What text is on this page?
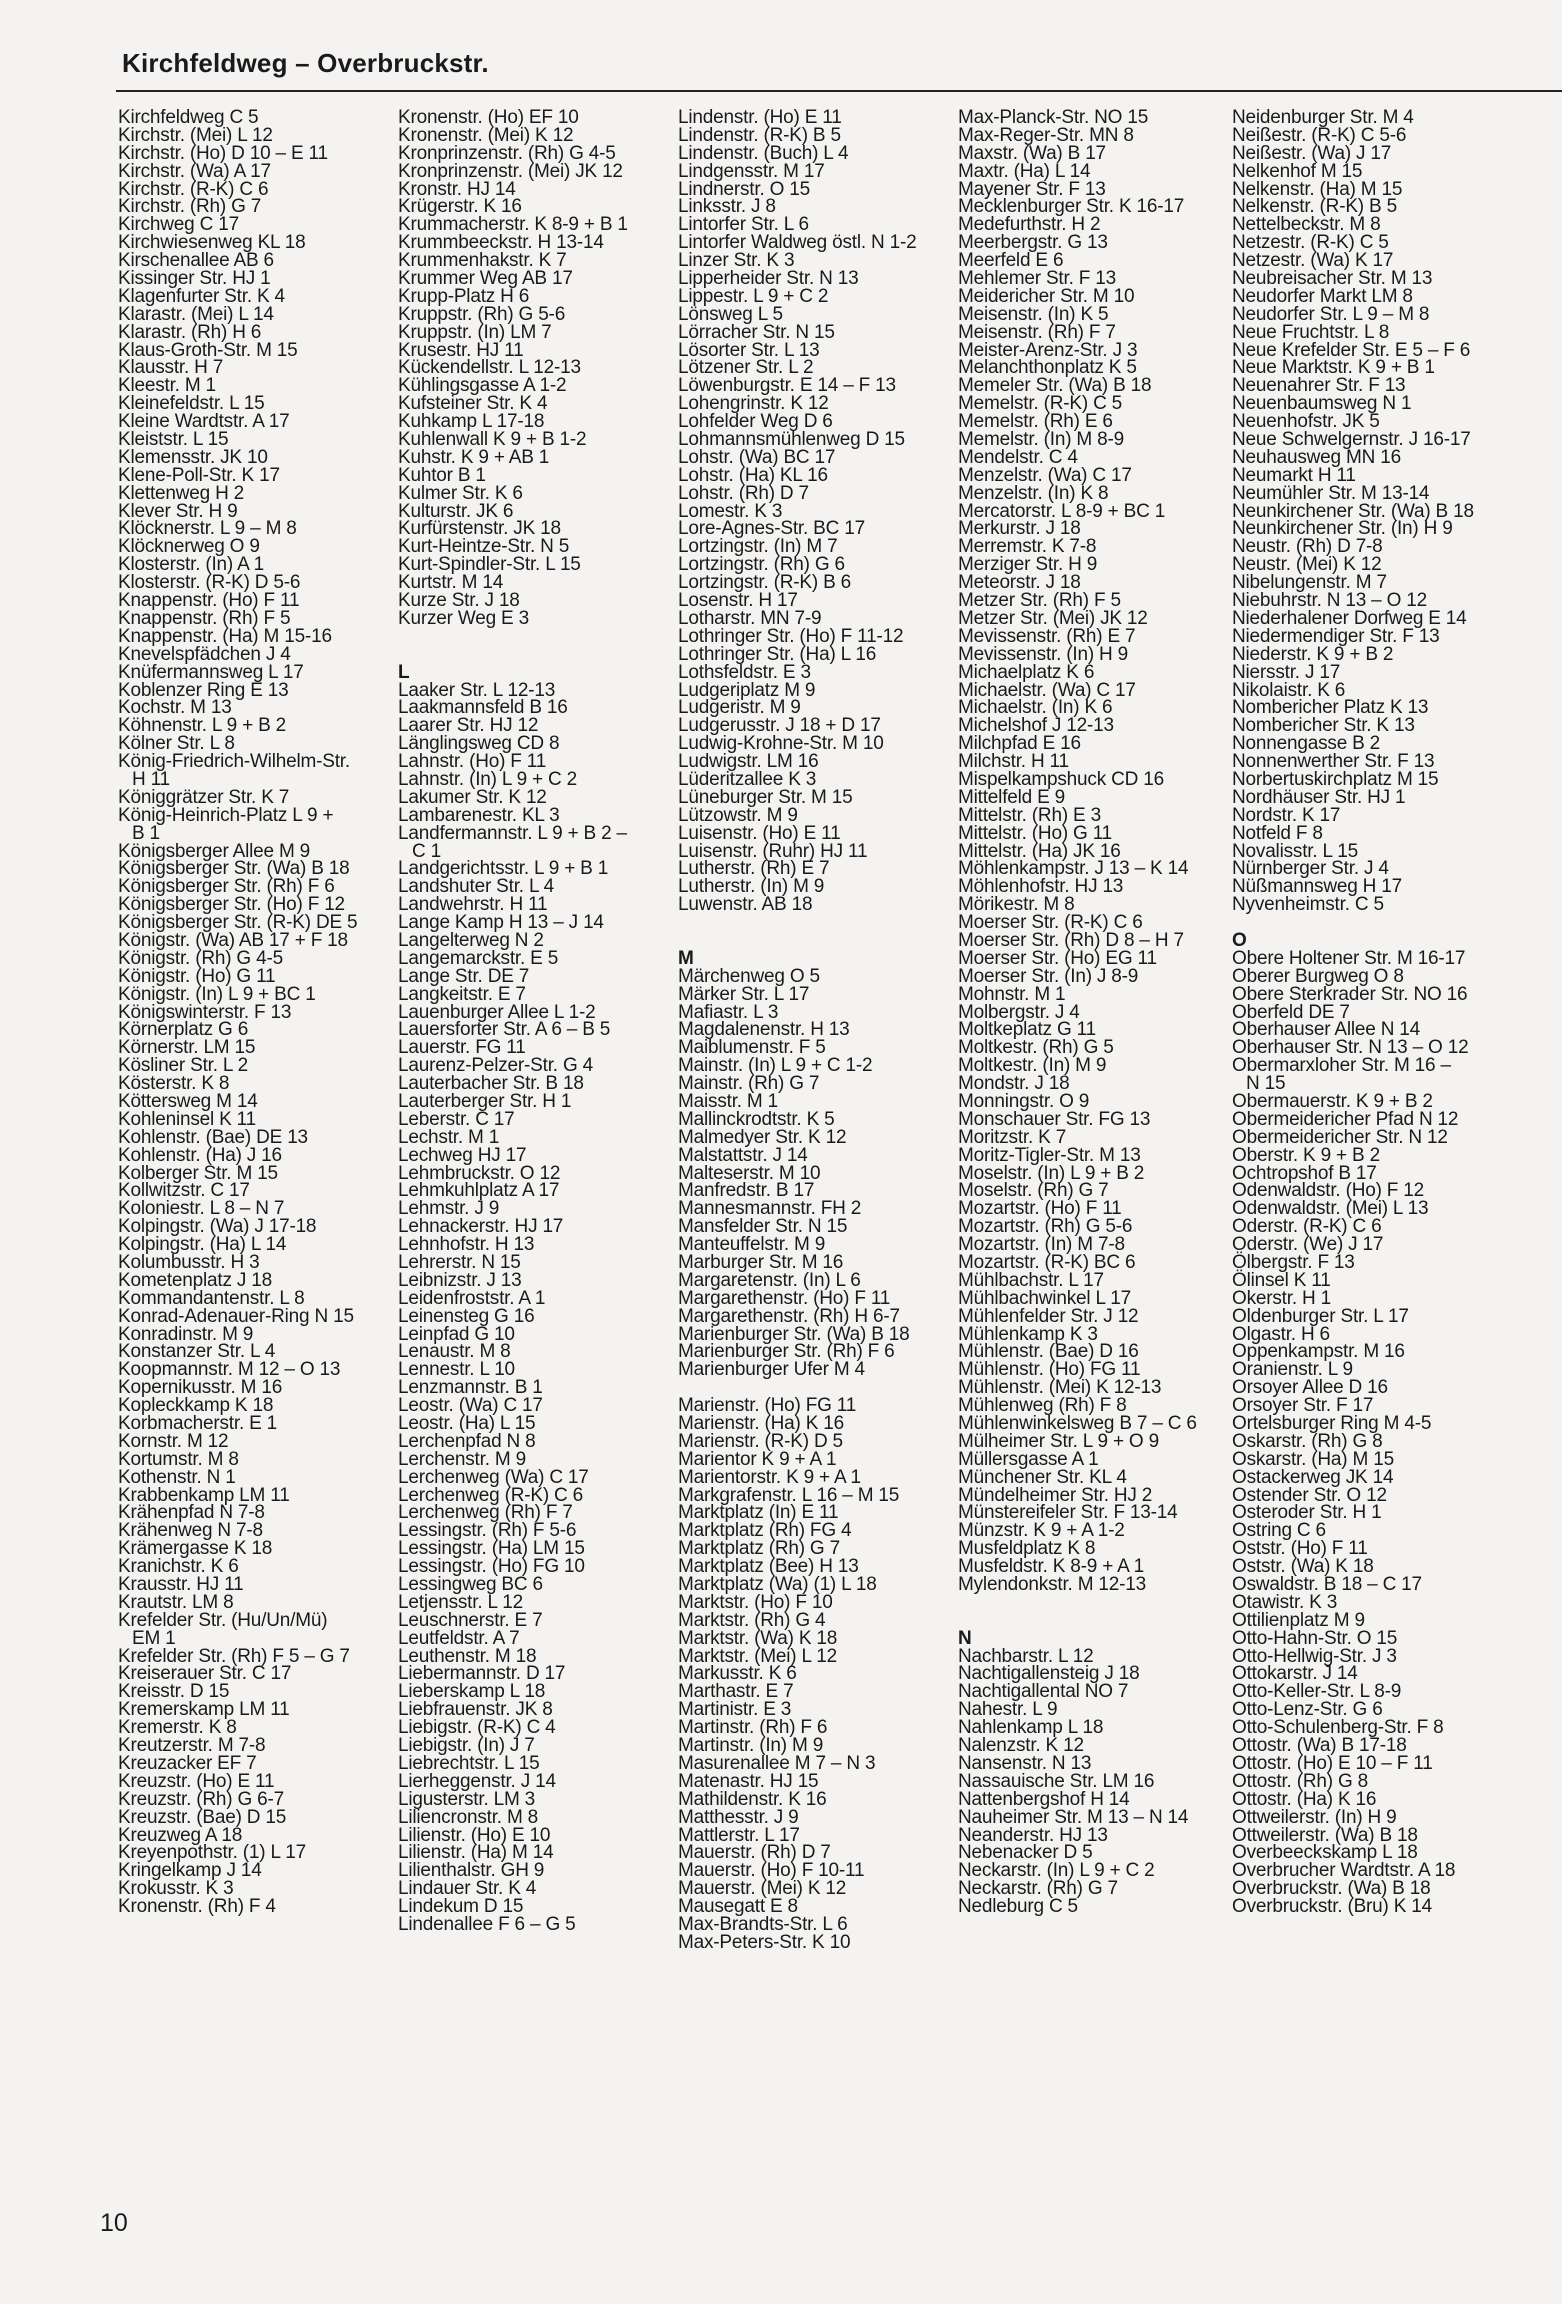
Kirchfeldweg – Overbruckstr.
Kirchfeldweg C 5
Kirchstr. (Mei) L 12
Kirchstr. (Ho) D 10 – E 11
Kirchstr. (Wa) A 17
Kirchstr. (R-K) C 6
Kirchstr. (Rh) G 7
Kirchweg C 17
Kirchwiesenweg KL 18
Kirschenallee AB 6
Kissinger Str. HJ 1
Klagenfurter Str. K 4
Klarastr. (Mei) L 14
Klarastr. (Rh) H 6
Klaus-Groth-Str. M 15
Klausstr. H 7
Kleestr. M 1
Kleinefeldstr. L 15
Kleine Wardtstr. A 17
Kleiststr. L 15
Klemensstr. JK 10
Klene-Poll-Str. K 17
Klettenweg H 2
Klever Str. H 9
Klöcknerstr. L 9 – M 8
Klöcknerweg O 9
Klosterstr. (In) A 1
Klosterstr. (R-K) D 5-6
Knappenstr. (Ho) F 11
Knappenstr. (Rh) F 5
Knappenstr. (Ha) M 15-16
Knevelspfädchen J 4
Knüfermannsweg L 17
Koblenzer Ring E 13
Kochstr. M 13
Köhnenstr. L 9 + B 2
Kölner Str. L 8
König-Friedrich-Wilhelm-Str.
H 11
Königgrätzer Str. K 7
König-Heinrich-Platz L 9 +
B 1
Königsberger Allee M 9
Königsberger Str. (Wa) B 18
Königsberger Str. (Rh) F 6
Königsberger Str. (Ho) F 12
Königsberger Str. (R-K) DE 5
Königstr. (Wa) AB 17 + F 18
Königstr. (Rh) G 4-5
Königstr. (Ho) G 11
Königstr. (In) L 9 + BC 1
Königswinterstr. F 13
Körnerplatz G 6
Körnerstr. LM 15
Kösliner Str. L 2
Kösterstr. K 8
Köttersweg M 14
Kohleninsel K 11
Kohlenstr. (Bae) DE 13
Kohlenstr. (Ha) J 16
Kolberger Str. M 15
Kollwitzstr. C 17
Koloniestr. L 8 – N 7
Kolpingstr. (Wa) J 17-18
Kolpingstr. (Ha) L 14
Kolumbusstr. H 3
Kometenplatz J 18
Kommandantenstr. L 8
Konrad-Adenauer-Ring N 15
Konradinstr. M 9
Konstanzer Str. L 4
Koopmannstr. M 12 – O 13
Kopernikusstr. M 16
Kopleckkamp K 18
Korbmacherstr. E 1
Kornstr. M 12
Kortumstr. M 8
Kothenstr. N 1
Krabbenkamp LM 11
Krähenpfad N 7-8
Krähenweg N 7-8
Krämergasse K 18
Kranichstr. K 6
Krausstr. HJ 11
Krautstr. LM 8
Krefelder Str. (Hu/Un/Mü)
EM 1
Krefelder Str. (Rh) F 5 – G 7
Kreiserauer Str. C 17
Kreisstr. D 15
Kremerskamp LM 11
Kremerstr. K 8
Kreutzerstr. M 7-8
Kreuzacker EF 7
Kreuzstr. (Ho) E 11
Kreuzstr. (Rh) G 6-7
Kreuzstr. (Bae) D 15
Kreuzweg A 18
Kreyenpothstr. (1) L 17
Kringelkamp J 14
Krokusstr. K 3
Kronenstr. (Rh) F 4
Kronenstr. (Ho) EF 10
Kronenstr. (Mei) K 12
Kronprinzenstr. (Rh) G 4-5
Kronprinzenstr. (Mei) JK 12
Kronstr. HJ 14
Krügerstr. K 16
Krummacherstr. K 8-9 + B 1
Krummbeeckstr. H 13-14
Krummenhakstr. K 7
Krummer Weg AB 17
Krupp-Platz H 6
Kruppstr. (Rh) G 5-6
Kruppstr. (In) LM 7
Krusestr. HJ 11
Kückendellstr. L 12-13
Kühlingsgasse A 1-2
Kufsteiner Str. K 4
Kuhkamp L 17-18
Kuhlenwall K 9 + B 1-2
Kuhstr. K 9 + AB 1
Kuhtor B 1
Kulmer Str. K 6
Kulturstr. JK 6
Kurfürstenstr. JK 18
Kurt-Heintze-Str. N 5
Kurt-Spindler-Str. L 15
Kurtstr. M 14
Kurze Str. J 18
Kurzer Weg E 3
L
Laaker Str. L 12-13
Laakmannsfeld B 16
Laarer Str. HJ 12
Länglingsweg CD 8
Lahnstr. (Ho) F 11
Lahnstr. (In) L 9 + C 2
Lakumer Str. K 12
Lambarenestr. KL 3
Landfermannstr. L 9 + B 2 –
C 1
Landgerichtsstr. L 9 + B 1
Landshuter Str. L 4
Landwehrstr. H 11
Lange Kamp H 13 – J 14
Langelterweg N 2
Langemarckstr. E 5
Lange Str. DE 7
Langkeitstr. E 7
Lauenburger Allee L 1-2
Lauersforter Str. A 6 – B 5
Lauerstr. FG 11
Laurenz-Pelzer-Str. G 4
Lauterbacher Str. B 18
Lauterberger Str. H 1
Leberstr. C 17
Lechstr. M 1
Lechweg HJ 17
Lehmbruckstr. O 12
Lehmkuhlplatz A 17
Lehmstr. J 9
Lehnackerstr. HJ 17
Lehnhofstr. H 13
Lehrerstr. N 15
Leibnizstr. J 13
Leidenfroststr. A 1
Leinensteg G 16
Leinpfad G 10
Lenaustr. M 8
Lennestr. L 10
Lenzmannstr. B 1
Leostr. (Wa) C 17
Leostr. (Ha) L 15
Lerchenpfad N 8
Lerchenstr. M 9
Lerchenweg (Wa) C 17
Lerchenweg (R-K) C 6
Lerchenweg (Rh) F 7
Lessingstr. (Rh) F 5-6
Lessingstr. (Ha) LM 15
Lessingstr. (Ho) FG 10
Lessingweg BC 6
Letjensstr. L 12
Leuschnerstr. E 7
Leutfeldstr. A 7
Leuthenstr. M 18
Liebermannstr. D 17
Lieberskamp L 18
Liebfrauenstr. JK 8
Liebigstr. (R-K) C 4
Liebigstr. (In) J 7
Liebrechtstr. L 15
Lierheggenstr. J 14
Ligusterstr. LM 3
Liliencronstr. M 8
Lilienstr. (Ho) E 10
Lilienstr. (Ha) M 14
Lilienthalstr. GH 9
Lindauer Str. K 4
Lindekum D 15
Lindenallee F 6 – G 5
Lindenstr. (Ho) E 11
Lindenstr. (R-K) B 5
Lindenstr. (Buch) L 4
Lindgensstr. M 17
Lindnerstr. O 15
Linksstr. J 8
Lintorfer Str. L 6
Lintorfer Waldweg östl. N 1-2
Linzer Str. K 3
Lipperheider Str. N 13
Lippestr. L 9 + C 2
Lönsweg L 5
Lörracher Str. N 15
Lösorter Str. L 13
Lötzener Str. L 2
Löwenburgstr. E 14 – F 13
Lohengrinstr. K 12
Lohfelder Weg D 6
Lohmannsmühlenweg D 15
Lohstr. (Wa) BC 17
Lohstr. (Ha) KL 16
Lohstr. (Rh) D 7
Lomestr. K 3
Lore-Agnes-Str. BC 17
Lortzingstr. (In) M 7
Lortzingstr. (Rh) G 6
Lortzingstr. (R-K) B 6
Losenstr. H 17
Lotharstr. MN 7-9
Lothringer Str. (Ho) F 11-12
Lothringer Str. (Ha) L 16
Lothsfeldstr. E 3
Ludgeriplatz M 9
Ludgeristr. M 9
Ludgerusstr. J 18 + D 17
Ludwig-Krohne-Str. M 10
Ludwigstr. LM 16
Lüderitzallee K 3
Lüneburger Str. M 15
Lützowstr. M 9
Luisenstr. (Ho) E 11
Luisenstr. (Ruhr) HJ 11
Lutherstr. (Rh) E 7
Lutherstr. (In) M 9
Luwenstr. AB 18
M
Märchenweg O 5
Märker Str. L 17
Mafiastr. L 3
Magdalenenstr. H 13
Maiblumenstr. F 5
Mainstr. (In) L 9 + C 1-2
Mainstr. (Rh) G 7
Maisstr. M 1
Mallinckrodtstr. K 5
Malmedyer Str. K 12
Malstattstr. J 14
Malteserstr. M 10
Manfredstr. B 17
Mannesmannstr. FH 2
Mansfelder Str. N 15
Manteuffelstr. M 9
Marburger Str. M 16
Margaretenstr. (In) L 6
Margarethenstr. (Ho) F 11
Margarethenstr. (Rh) H 6-7
Marienburger Str. (Wa) B 18
Marienburger Str. (Rh) F 6
Marienburger Ufer M 4
Marienstr. (Ho) FG 11
Marienstr. (Ha) K 16
Marienstr. (R-K) D 5
Marientor K 9 + A 1
Marientorstr. K 9 + A 1
Markgrafenstr. L 16 – M 15
Marktplatz (In) E 11
Marktplatz (Rh) FG 4
Marktplatz (Rh) G 7
Marktplatz (Bee) H 13
Marktplatz (Wa) (1) L 18
Marktstr. (Ho) F 10
Marktstr. (Rh) G 4
Marktstr. (Wa) K 18
Marktstr. (Mei) L 12
Markusstr. K 6
Marthastr. E 7
Martinistr. E 3
Martinstr. (Rh) F 6
Martinstr. (In) M 9
Masurenallee M 7 – N 3
Matenastr. HJ 15
Mathildenstr. K 16
Matthesstr. J 9
Mattlerstr. L 17
Mauerstr. (Rh) D 7
Mauerstr. (Ho) F 10-11
Mauerstr. (Mei) K 12
Mausegatt E 8
Max-Brandts-Str. L 6
Max-Peters-Str. K 10
Max-Planck-Str. NO 15
Max-Reger-Str. MN 8
Maxstr. (Wa) B 17
Maxtr. (Ha) L 14
Mayener Str. F 13
Mecklenburger Str. K 16-17
Medefurthstr. H 2
Meerbergstr. G 13
Meerfeld E 6
Mehlemer Str. F 13
Meidericher Str. M 10
Meisenstr. (In) K 5
Meisenstr. (Rh) F 7
Meister-Arenz-Str. J 3
Melanchthonplatz K 5
Memeler Str. (Wa) B 18
Memelstr. (R-K) C 5
Memelstr. (Rh) E 6
Memelstr. (In) M 8-9
Mendelstr. C 4
Menzelstr. (Wa) C 17
Menzelstr. (In) K 8
Mercatorstr. L 8-9 + BC 1
Merkurstr. J 18
Merremstr. K 7-8
Merziger Str. H 9
Meteorstr. J 18
Metzer Str. (Rh) F 5
Metzer Str. (Mei) JK 12
Mevissenstr. (Rh) E 7
Mevissenstr. (In) H 9
Michaelplatz K 6
Michaelstr. (Wa) C 17
Michaelstr. (In) K 6
Michelshof J 12-13
Milchpfad E 16
Milchstr. H 11
Mispelkampshuck CD 16
Mittelfeld E 9
Mittelstr. (Rh) E 3
Mittelstr. (Ho) G 11
Mittelstr. (Ha) JK 16
Möhlenkampstr. J 13 – K 14
Möhlenhofstr. HJ 13
Mörikestr. M 8
Moerser Str. (R-K) C 6
Moerser Str. (Rh) D 8 – H 7
Moerser Str. (Ho) EG 11
Moerser Str. (In) J 8-9
Mohnstr. M 1
Molbergstr. J 4
Moltkeplatz G 11
Moltkestr. (Rh) G 5
Moltkestr. (In) M 9
Mondstr. J 18
Monningstr. O 9
Monschauer Str. FG 13
Moritzstr. K 7
Moritz-Tigler-Str. M 13
Moselstr. (In) L 9 + B 2
Moselstr. (Rh) G 7
Mozartstr. (Ho) F 11
Mozartstr. (Rh) G 5-6
Mozartstr. (In) M 7-8
Mozartstr. (R-K) BC 6
Mühlbachstr. L 17
Mühlbachwinkel L 17
Mühlenfelder Str. J 12
Mühlenkamp K 3
Mühlenstr. (Bae) D 16
Mühlenstr. (Ho) FG 11
Mühlenstr. (Mei) K 12-13
Mühlenweg (Rh) F 8
Mühlenwinkelsweg B 7 – C 6
Mülheimer Str. L 9 + O 9
Müllersgasse A 1
Münchener Str. KL 4
Mündelheimer Str. HJ 2
Münstereifeler Str. F 13-14
Münzstr. K 9 + A 1-2
Musfeldplatz K 8
Musfeldstr. K 8-9 + A 1
Mylendonkstr. M 12-13
N
Nachbarstr. L 12
Nachtigallensteig J 18
Nachtigallental NO 7
Nahestr. L 9
Nahlenkamp L 18
Nalenzstr. K 12
Nansenstr. N 13
Nassauische Str. LM 16
Nattenbergshof H 14
Nauheimer Str. M 13 – N 14
Neanderstr. HJ 13
Nebenacker D 5
Neckarstr. (In) L 9 + C 2
Neckarstr. (Rh) G 7
Nedleburg C 5
Neidenburger Str. M 4
Neißestr. (R-K) C 5-6
Neißestr. (Wa) J 17
Nelkenhof M 15
Nelkenstr. (Ha) M 15
Nelkenstr. (R-K) B 5
Nettelbeckstr. M 8
Netzestr. (R-K) C 5
Netzestr. (Wa) K 17
Neubreisacher Str. M 13
Neudorfer Markt LM 8
Neudorfer Str. L 9 – M 8
Neue Fruchtstr. L 8
Neue Krefelder Str. E 5 – F 6
Neue Marktstr. K 9 + B 1
Neuenahrer Str. F 13
Neuenbaumsweg N 1
Neuenhofstr. JK 5
Neue Schwelgernstr. J 16-17
Neuhausweg MN 16
Neumarkt H 11
Neumühler Str. M 13-14
Neunkirchener Str. (Wa) B 18
Neunkirchener Str. (In) H 9
Neustr. (Rh) D 7-8
Neustr. (Mei) K 12
Nibelungenstr. M 7
Niebuhrstr. N 13 – O 12
Niederhalener Dorfweg E 14
Niedermendiger Str. F 13
Niederstr. K 9 + B 2
Niersstr. J 17
Nikolaistr. K 6
Nombericher Platz K 13
Nombericher Str. K 13
Nonnengasse B 2
Nonnenwerther Str. F 13
Norbertuskirchplatz M 15
Nordhäuser Str. HJ 1
Nordstr. K 17
Notfeld F 8
Novalisstr. L 15
Nürnberger Str. J 4
Nüßmannsweg H 17
Nyvenheimstr. C 5
O
Obere Holtener Str. M 16-17
Oberer Burgweg O 8
Obere Sterkrader Str. NO 16
Oberfeld DE 7
Oberhauser Allee N 14
Oberhauser Str. N 13 – O 12
Obermarxloher Str. M 16 –
N 15
Obermauerstr. K 9 + B 2
Obermeidericher Pfad N 12
Obermeidericher Str. N 12
Oberstr. K 9 + B 2
Ochtropshof B 17
Odenwaldstr. (Ho) F 12
Odenwaldstr. (Mei) L 13
Oderstr. (R-K) C 6
Oderstr. (We) J 17
Ölbergstr. F 13
Ölinsel K 11
Okerstr. H 1
Oldenburger Str. L 17
Olgastr. H 6
Oppenkampstr. M 16
Oranienstr. L 9
Orsoyer Allee D 16
Orsoyer Str. F 17
Ortelsburger Ring M 4-5
Oskarstr. (Rh) G 8
Oskarstr. (Ha) M 15
Ostackerweg JK 14
Ostender Str. O 12
Osteroder Str. H 1
Ostring C 6
Oststr. (Ho) F 11
Oststr. (Wa) K 18
Oswaldstr. B 18 – C 17
Otawistr. K 3
Ottilienplatz M 9
Otto-Hahn-Str. O 15
Otto-Hellwig-Str. J 3
Ottokarstr. J 14
Otto-Keller-Str. L 8-9
Otto-Lenz-Str. G 6
Otto-Schulenberg-Str. F 8
Ottostr. (Wa) B 17-18
Ottostr. (Ho) E 10 – F 11
Ottostr. (Rh) G 8
Ottostr. (Ha) K 16
Ottweilerstr. (In) H 9
Ottweilerstr. (Wa) B 18
Overbeeckskamp L 18
Overbrucher Wardtstr. A 18
Overbruckstr. (Wa) B 18
Overbruckstr. (Bru) K 14
10
